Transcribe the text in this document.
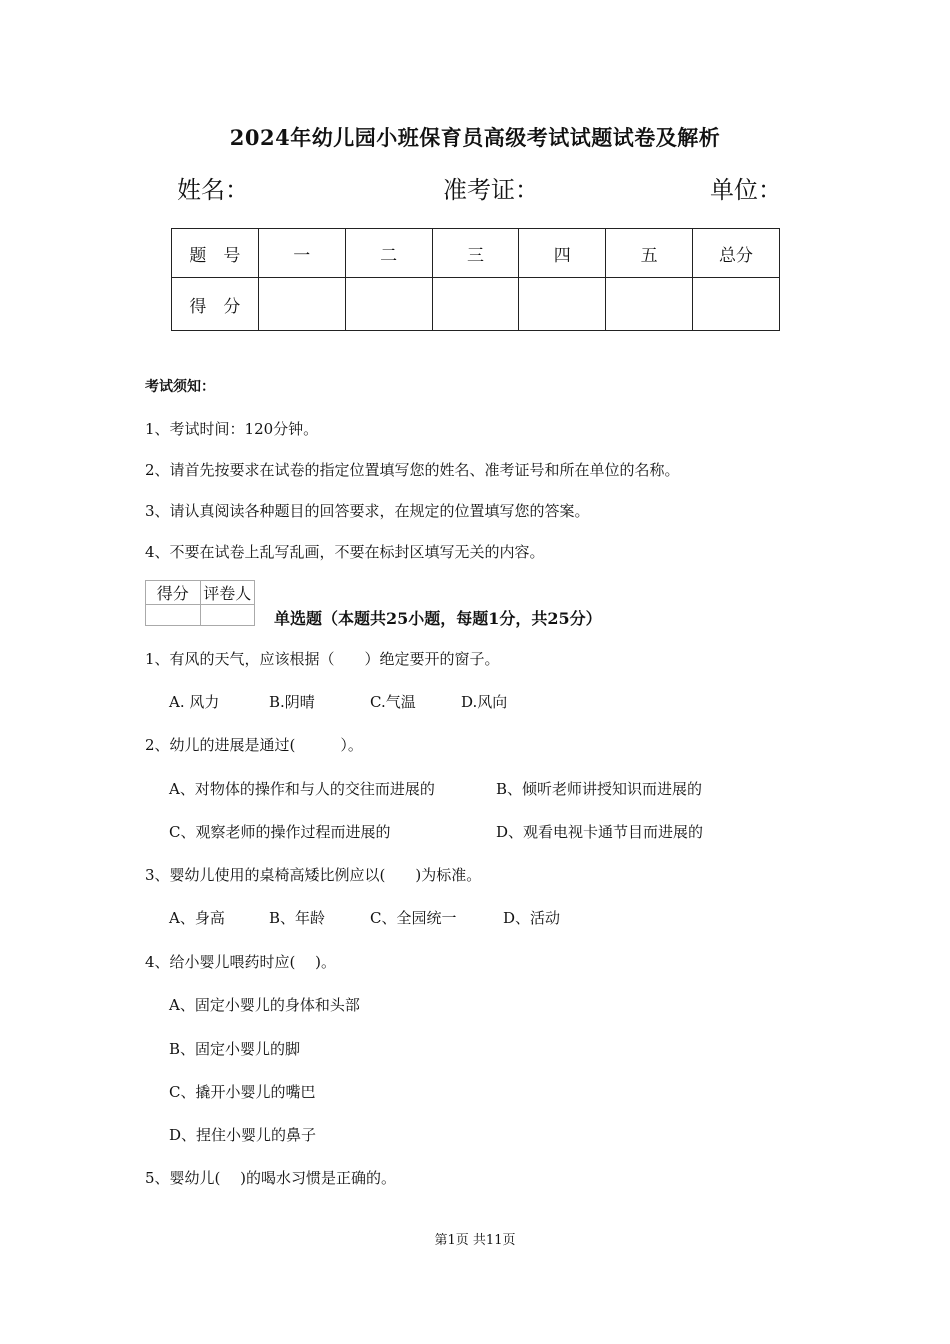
2024年幼儿园小班保育员高级考试试题试卷及解析
姓名：	准考证：	单位：
题　号	一	二	三	四	五	总分
得　分						
考试须知：
1、考试时间：120分钟。
2、请首先按要求在试卷的指定位置填写您的姓名、准考证号和所在单位的名称。
3、请认真阅读各种题目的回答要求，在规定的位置填写您的答案。
4、不要在试卷上乱写乱画，不要在标封区填写无关的内容。
得分	评卷人

单选题（本题共25小题，每题1分，共25分）
1、有风的天气，应该根据（　　）绝定要开的窗子。
A. 风力	B.阴晴	C.气温	D.风向
2、幼儿的进展是通过(　　　）。
A、对物体的操作和与人的交往而进展的	B、倾听老师讲授知识而进展的
C、观察老师的操作过程而进展的	D、观看电视卡通节目而进展的
3、婴幼儿使用的桌椅高矮比例应以(　　)为标准。
A、身高	B、年龄	C、全园统一	D、活动
4、给小婴儿喂药时应(　 )。
A、固定小婴儿的身体和头部
B、固定小婴儿的脚
C、撬开小婴儿的嘴巴
D、捏住小婴儿的鼻子
5、婴幼儿(　 )的喝水习惯是正确的。
第1页 共11页
